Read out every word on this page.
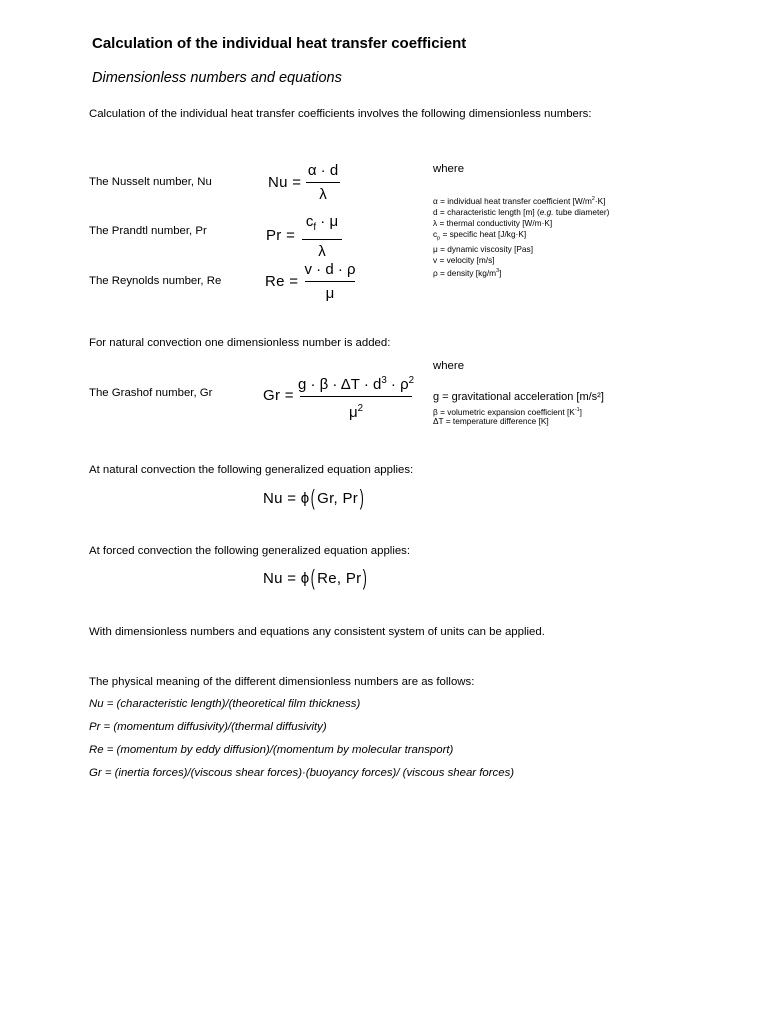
Calculation of the individual heat transfer coefficient
Dimensionless numbers and equations
Calculation of the individual heat transfer coefficients involves the following dimensionless numbers:
where
The Nusselt number, Nu	Nu =
α · d
λ	α = individual heat transfer coefficient $[W/m^2\cdot K]$
d = characteristic length [m] (e.g. tube diameter)
λ = thermal conductivity [W/m·K]
$c_p$ = specific heat [J/kg·K]
μ = dynamic viscosity [Pas]
v = velocity [m/s]
ρ = density $[kg/m^3]$
The Prandtl number, Pr	Pr =
$c_f \cdot \mu$
λ
The Reynolds number, Re	Re =
v · d · ρ
μ
For natural convection one dimensionless number is added:
where
The Grashof number, Gr	Gr =
$g \cdot \beta \cdot \Delta T \cdot d^3 \cdot \rho^2$
$\mu^2$
g = gravitational acceleration [m/s²]
β = volumetric expansion coefficient $[K^{-1}]$
ΔT = temperature difference [K]
At natural convection the following generalized equation applies:
Nu = ϕ ( Gr, Pr )
At forced convection the following generalized equation applies:
Nu = ϕ ( Re, Pr )
With dimensionless numbers and equations any consistent system of units can be applied.
The physical meaning of the different dimensionless numbers are as follows:
Nu = (characteristic length)/(theoretical film thickness)
Pr = (momentum diffusivity)/(thermal diffusivity)
Re = (momentum by eddy diffusion)/(momentum by molecular transport)
Gr = (inertia forces)/(viscous shear forces)·(buoyancy forces)/ (viscous shear forces)
